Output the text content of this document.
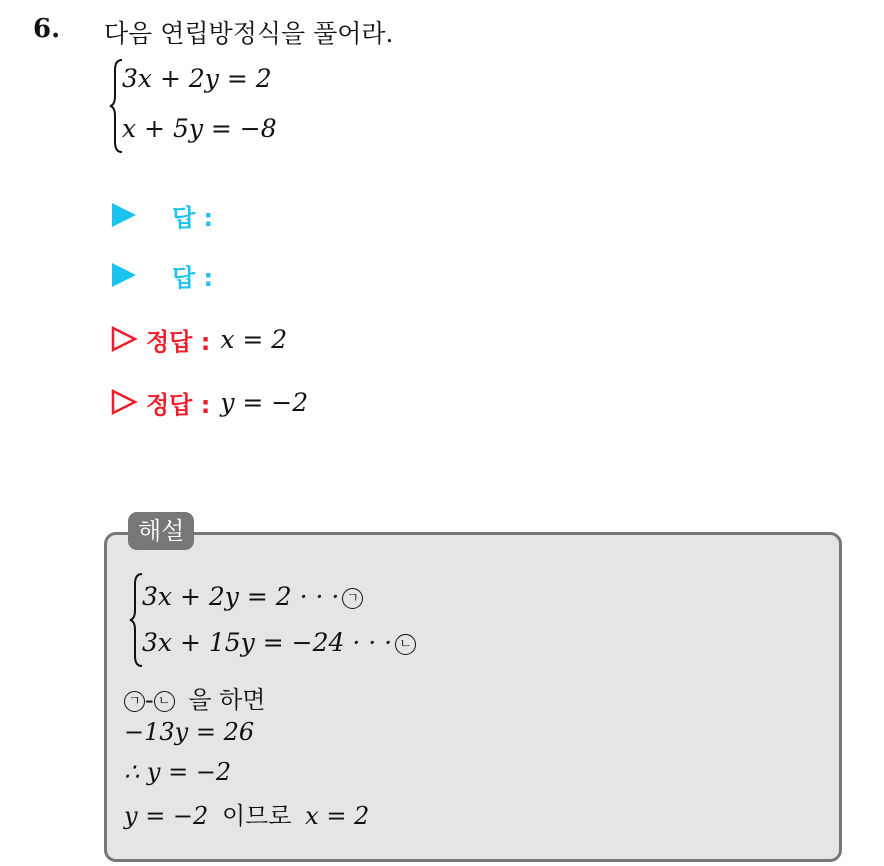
6. 다음 연립방정식을 풀어라.
3x + 2y = 2
x + 5y = −8
답 :
답 :
정답 : x = 2
정답 : y = −2
해설
3x + 2y = 2 · · · ㄱ
3x + 15y = −24 · · · ㄴ
ㄱ - ㄴ 을 하면
−13y = 26
∴ y = −2
y = −2 이므로 x = 2
